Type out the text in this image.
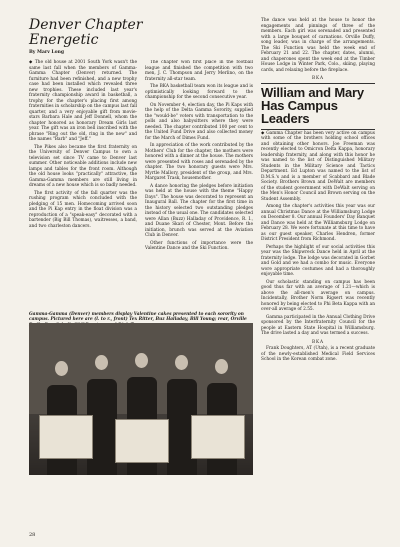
Denver Chapter Energetic
By Marv Long

◆ The old house at 2001 South York wasn't the same last fall when the members of Gamma-Gamma Chapter (Denver) returned. The furniture had been refinished, and a new trophy case had been installed which revealed three new trophies. These included last year's fraternity championship award in basketball, a trophy for the chapter's placing first among fraternities in scholarship on the campus last fall quarter, and a very enjoyable gift from movie-stars Barbara Hale and Jeff Donnell, whom the chapter honored as honorary Dream Girls last year. The gift was an iron bell inscribed with the phrase "Ring out the old, ring in the new" and the names "Barb" and "Jeff."

The Pikes also became the first fraternity on the University of Denver Campus to own a television set since TV came to Denver last summer. Other noticeable additions include new lamps and tables for the front room. Although the old house looks "practically" attractive, the Gamma-Gamma members are still living in dreams of a new house which is so badly needed.

The first activity of the fall quarter was the rushing program which concluded with the pledging of 15 men. Homecoming arrived soon and the Pi Kap entry in the float division was a reproduction of a "speak-easy" decorated with a bartender (Big Bill Thomas), waitresses, a band, and two charleston dancers.

The chapter won first place in the football league and finished the competition with two men, J. C. Thompson and Jerry Merlino, on the fraternity all-star team.

The BKA basketball team won its league and is optimistically looking forward to the championship for the second consecutive year.

On November 4, election day, the Pi Kaps with the help of the Delta Gamma Sorority, supplied the "would-be" voters with transportation to the polls and also babysitters where they were needed. The chapter contributed 100 per cent to the United Fund Drive and also collected money for the March of Dimes Fund.

In appreciation of the work contributed by the Mothers' Club for the chapter, the mothers were honored with a dinner at the house. The mothers were presented with roses and serenaded by the chapter. The two honorary guests were Mrs. Myrtle Mallory, president of the group, and Mrs. Margaret Trask, housemother.

A dance honoring the pledges before initiation was held at the house with the theme "Happy Days". The house was decorated to represent an Inaugural Ball. The chapter for the first time in the history selected two outstanding pledges instead of the usual one. The candidates selected were Allan (Buzz) Halladay of Providence, R. I., and Duane Skari of Chester, Mont. Before the initiation, brunch was served at the Aviation Club in Denver.

Other functions of importance were the Valentine Dance and the Ski Function.

Gamma-Gamma (Denver) members display Valentine cakes presented to each sorority on campus. Pictured here are (l. to r., front) Tex Ritter, Buz Halladay, Bill Young; rear, Orville

The dance was held at the house to honor the engagements and pinnings of three of the members. Each girl was serenaded and presented with a large bouquet of carnations. Orville Duffy, song leader, was in charge of the arrangements. The Ski Function was held the week end of February 21 and 22. The chapter, dates, alumni, and chaperones spent the week end at the Timber House Lodge in Winter Park, Colo., skiing, playing cards, and relaxing before the fireplace.

BKA
William and Mary Has Campus Leaders

◆ Gamma Chapter has been very active on campus with some of the brothers holding school offices and obtaining other honors. Joe Freeman was recently elected to Omicron Delta Kappa, honorary leadership fraternity, and along with this honor he was named to the list of Distinguished Military Students in the Military Science and Tactics Department. Ed Lupton was named to the list of D.M.S.'s and is a member of Scabbard and Blade Society. Brothers Brown and DeWalt are members of the student government with DeWalt serving on the Men's Honor Council and Brown serving on the Student Assembly.

Among the chapter's activities this year was our annual Christmas Dance at the Williamsburg Lodge on December 8. Our annual Founders' Day Banquet and Dance was held at the Williamsburg Lodge on February 28. We were fortunate at this time to have as our guest speaker, Charles Hendren, former District President from Richmond.

Perhaps the highlight of our social activities this year was the Shipwreck Dance held in April at the fraternity lodge. The lodge was decorated in Gorbet and Gold and we had a combo for music. Everyone wore appropriate costumes and had a thoroughly enjoyable time.

Our scholastic standing on campus has been good thus far with an average of 1.21—which is above the all-men's average on campus. Incidentally, Brother Norm Rigsert was recently honored by being elected to Phi Beta Kappa with an over-all average of 2.55.

Gamma participated in the Annual Clothing Drive sponsored by the Interfraternity Council for the people at Eastern State Hospital in Williamsburg. The drive lasted a day and was termed a success.

BKA

Frank Doughters, AT (Utah), is a recent graduate of the newly-established Medical Field Services School in the Korean combat zone.

28
